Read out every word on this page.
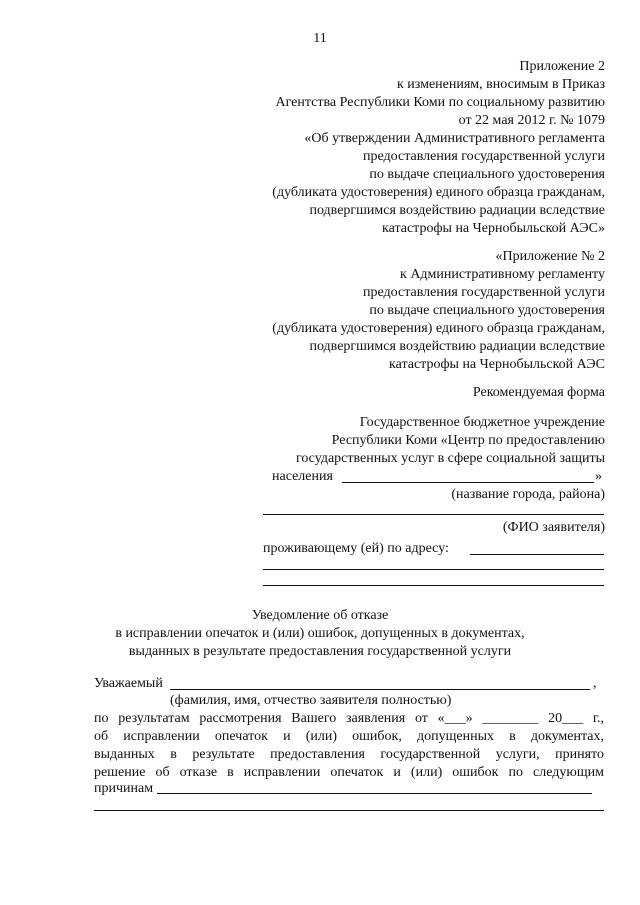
11
Приложение 2
к изменениям, вносимым в Приказ
Агентства Республики Коми по социальному развитию
от 22 мая 2012 г. № 1079
«Об утверждении Административного регламента
предоставления государственной услуги
по выдаче специального удостоверения
(дубликата удостоверения) единого образца гражданам,
подвергшимся воздействию радиации вследствие
катастрофы на Чернобыльской АЭС»
«Приложение № 2
к Административному регламенту
предоставления государственной услуги
по выдаче специального удостоверения
(дубликата удостоверения) единого образца гражданам,
подвергшимся воздействию радиации вследствие
катастрофы на Чернобыльской АЭС
Рекомендуемая форма
Государственное бюджетное учреждение
Республики Коми «Центр по предоставлению
государственных услуг в сфере социальной защиты
населения	»
(название города, района)
(ФИО заявителя)
проживающему (ей) по адресу:
Уведомление об отказе
в исправлении опечаток и (или) ошибок, допущенных в документах,
выданных в результате предоставления государственной услуги
Уважаемый	,
(фамилия, имя, отчество заявителя полностью)
по результатам рассмотрения Вашего заявления от «___» ________ 20___ г.,
об исправлении опечаток и (или) ошибок, допущенных в документах,
выданных в результате предоставления государственной услуги, принято
решение об отказе в исправлении опечаток и (или) ошибок по следующим
причинам
